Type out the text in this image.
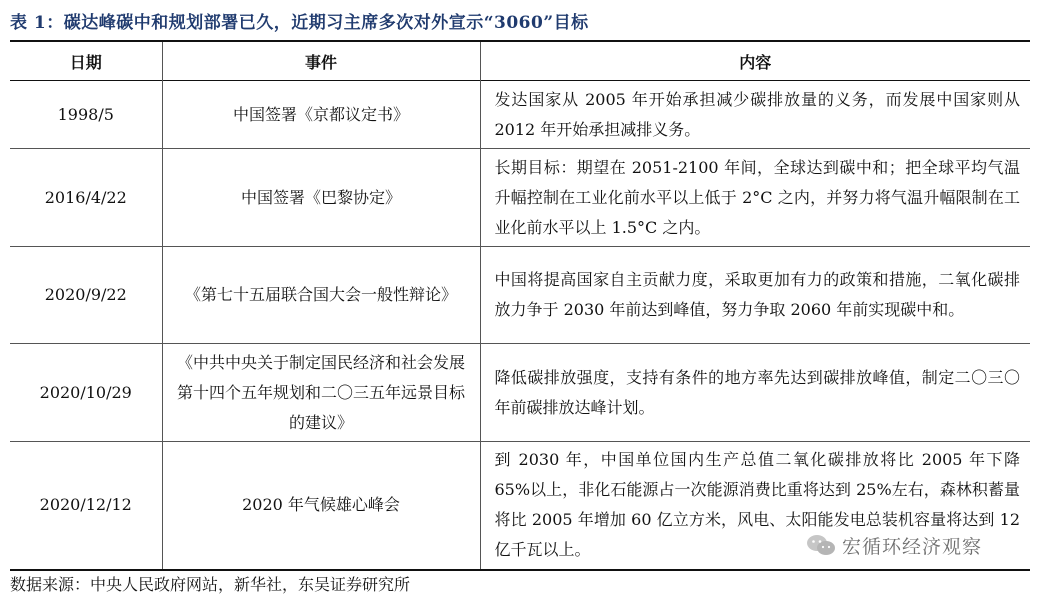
表 1：碳达峰碳中和规划部署已久，近期习主席多次对外宣示“3060”目标
日期	事件	内容
1998/5	中国签署《京都议定书》	发达国家从 2005 年开始承担减少碳排放量的义务，而发展中国家则从 2012 年开始承担减排义务。
2016/4/22	中国签署《巴黎协定》	长期目标：期望在 2051-2100 年间，全球达到碳中和；把全球平均气温升幅控制在工业化前水平以上低于 2°C 之内，并努力将气温升幅限制在工业化前水平以上 1.5°C 之内。
2020/9/22	《第七十五届联合国大会一般性辩论》	中国将提高国家自主贡献力度，采取更加有力的政策和措施，二氧化碳排放力争于 2030 年前达到峰值，努力争取 2060 年前实现碳中和。
2020/10/29	《中共中央关于制定国民经济和社会发展第十四个五年规划和二〇三五年远景目标的建议》	降低碳排放强度，支持有条件的地方率先达到碳排放峰值，制定二〇三〇年前碳排放达峰计划。
2020/12/12	2020 年气候雄心峰会	到 2030 年，中国单位国内生产总值二氧化碳排放将比 2005 年下降 65%以上，非化石能源占一次能源消费比重将达到 25%左右，森林积蓄量将比 2005 年增加 60 亿立方米，风电、太阳能发电总装机容量将达到 12 亿千瓦以上。	宏循环经济观察
数据来源：中央人民政府网站，新华社，东吴证券研究所
